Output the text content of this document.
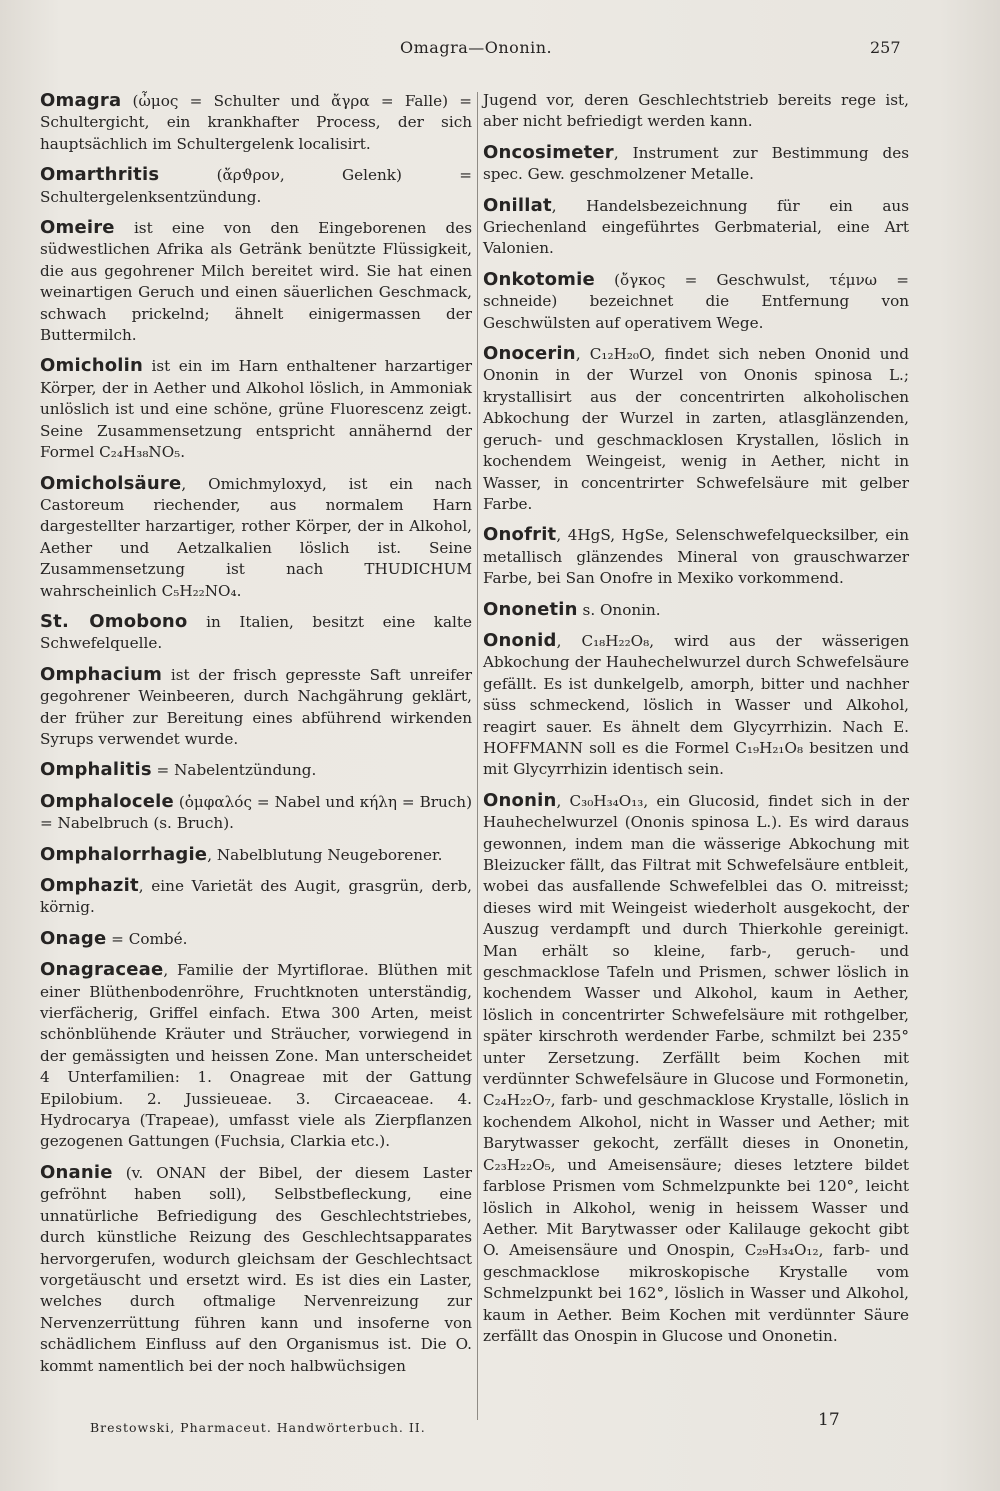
Omagra—Ononin.	257

Omagra (ὦμος = Schulter und ἄγρα = Falle) = Schultergicht, ein krankhafter Process, der sich hauptsächlich im Schultergelenk localisirt.

Omarthritis (ἄρϑρον, Gelenk) = Schultergelenksentzündung.

Omeire ist eine von den Eingeborenen des südwestlichen Afrika als Getränk benützte Flüssigkeit, die aus gegohrener Milch bereitet wird. Sie hat einen weinartigen Geruch und einen säuerlichen Geschmack, schwach prickelnd; ähnelt einigermassen der Buttermilch.

Omicholin ist ein im Harn enthaltener harzartiger Körper, der in Aether und Alkohol löslich, in Ammoniak unlöslich ist und eine schöne, grüne Fluorescenz zeigt. Seine Zusammensetzung entspricht annähernd der Formel C₂₄H₃₈NO₅.

Omicholsäure, Omichmyloxyd, ist ein nach Castoreum riechender, aus normalem Harn dargestellter harzartiger, rother Körper, der in Alkohol, Aether und Aetzalkalien löslich ist. Seine Zusammensetzung ist nach THUDICHUM wahrscheinlich C₅H₂₂NO₄.

St. Omobono in Italien, besitzt eine kalte Schwefelquelle.

Omphacium ist der frisch gepresste Saft unreifer gegohrener Weinbeeren, durch Nachgährung geklärt, der früher zur Bereitung eines abführend wirkenden Syrups verwendet wurde.

Omphalitis = Nabelentzündung.

Omphalocele (ὀμφαλός = Nabel und κήλη = Bruch) = Nabelbruch (s. Bruch).

Omphalorrhagie, Nabelblutung Neugeborener.

Omphazit, eine Varietät des Augit, grasgrün, derb, körnig.

Onage = Combé.

Onagraceae, Familie der Myrtiflorae. Blüthen mit einer Blüthenbodenröhre, Fruchtknoten unterständig, vierfächerig, Griffel einfach. Etwa 300 Arten, meist schönblühende Kräuter und Sträucher, vorwiegend in der gemässigten und heissen Zone. Man unterscheidet 4 Unterfamilien: 1. Onagreae mit der Gattung Epilobium. 2. Jussieueae. 3. Circaeaceae. 4. Hydrocarya (Trapeae), umfasst viele als Zierpflanzen gezogenen Gattungen (Fuchsia, Clarkia etc.).

Onanie (v. ONAN der Bibel, der diesem Laster gefröhnt haben soll), Selbstbefleckung, eine unnatürliche Befriedigung des Geschlechtstriebes, durch künstliche Reizung des Geschlechtsapparates hervorgerufen, wodurch gleichsam der Geschlechtsact vorgetäuscht und ersetzt wird. Es ist dies ein Laster, welches durch oftmalige Nervenreizung zur Nervenzerrüttung führen kann und insoferne von schädlichem Einfluss auf den Organismus ist. Die O. kommt namentlich bei der noch halbwüchsigen

Jugend vor, deren Geschlechtstrieb bereits rege ist, aber nicht befriedigt werden kann.

Oncosimeter, Instrument zur Bestimmung des spec. Gew. geschmolzener Metalle.

Onillat, Handelsbezeichnung für ein aus Griechenland eingeführtes Gerbmaterial, eine Art Valonien.

Onkotomie (ὄγκος = Geschwulst, τέμνω = schneide) bezeichnet die Entfernung von Geschwülsten auf operativem Wege.

Onocerin, C₁₂H₂₀O, findet sich neben Ononid und Ononin in der Wurzel von Ononis spinosa L.; krystallisirt aus der concentrirten alkoholischen Abkochung der Wurzel in zarten, atlasglänzenden, geruch- und geschmacklosen Krystallen, löslich in kochendem Weingeist, wenig in Aether, nicht in Wasser, in concentrirter Schwefelsäure mit gelber Farbe.

Onofrit, 4HgS, HgSe, Selenschwefelquecksilber, ein metallisch glänzendes Mineral von grauschwarzer Farbe, bei San Onofre in Mexiko vorkommend.

Ononetin s. Ononin.

Ononid, C₁₈H₂₂O₈, wird aus der wässerigen Abkochung der Hauhechelwurzel durch Schwefelsäure gefällt. Es ist dunkelgelb, amorph, bitter und nachher süss schmeckend, löslich in Wasser und Alkohol, reagirt sauer. Es ähnelt dem Glycyrrhizin. Nach E. HOFFMANN soll es die Formel C₁₉H₂₁O₈ besitzen und mit Glycyrrhizin identisch sein.

Ononin, C₃₀H₃₄O₁₃, ein Glucosid, findet sich in der Hauhechelwurzel (Ononis spinosa L.). Es wird daraus gewonnen, indem man die wässerige Abkochung mit Bleizucker fällt, das Filtrat mit Schwefelsäure entbleit, wobei das ausfallende Schwefelblei das O. mitreisst; dieses wird mit Weingeist wiederholt ausgekocht, der Auszug verdampft und durch Thierkohle gereinigt. Man erhält so kleine, farb-, geruch- und geschmacklose Tafeln und Prismen, schwer löslich in kochendem Wasser und Alkohol, kaum in Aether, löslich in concentrirter Schwefelsäure mit rothgelber, später kirschroth werdender Farbe, schmilzt bei 235° unter Zersetzung. Zerfällt beim Kochen mit verdünnter Schwefelsäure in Glucose und Formonetin, C₂₄H₂₂O₇, farb- und geschmacklose Krystalle, löslich in kochendem Alkohol, nicht in Wasser und Aether; mit Barytwasser gekocht, zerfällt dieses in Ononetin, C₂₃H₂₂O₅, und Ameisensäure; dieses letztere bildet farblose Prismen vom Schmelzpunkte bei 120°, leicht löslich in Alkohol, wenig in heissem Wasser und Aether. Mit Barytwasser oder Kalilauge gekocht gibt O. Ameisensäure und Onospin, C₂₉H₃₄O₁₂, farb- und geschmacklose mikroskopische Krystalle vom Schmelzpunkt bei 162°, löslich in Wasser und Alkohol, kaum in Aether. Beim Kochen mit verdünnter Säure zerfällt das Onospin in Glucose und Ononetin.

Brestowski, Pharmaceut. Handwörterbuch. II.	17
